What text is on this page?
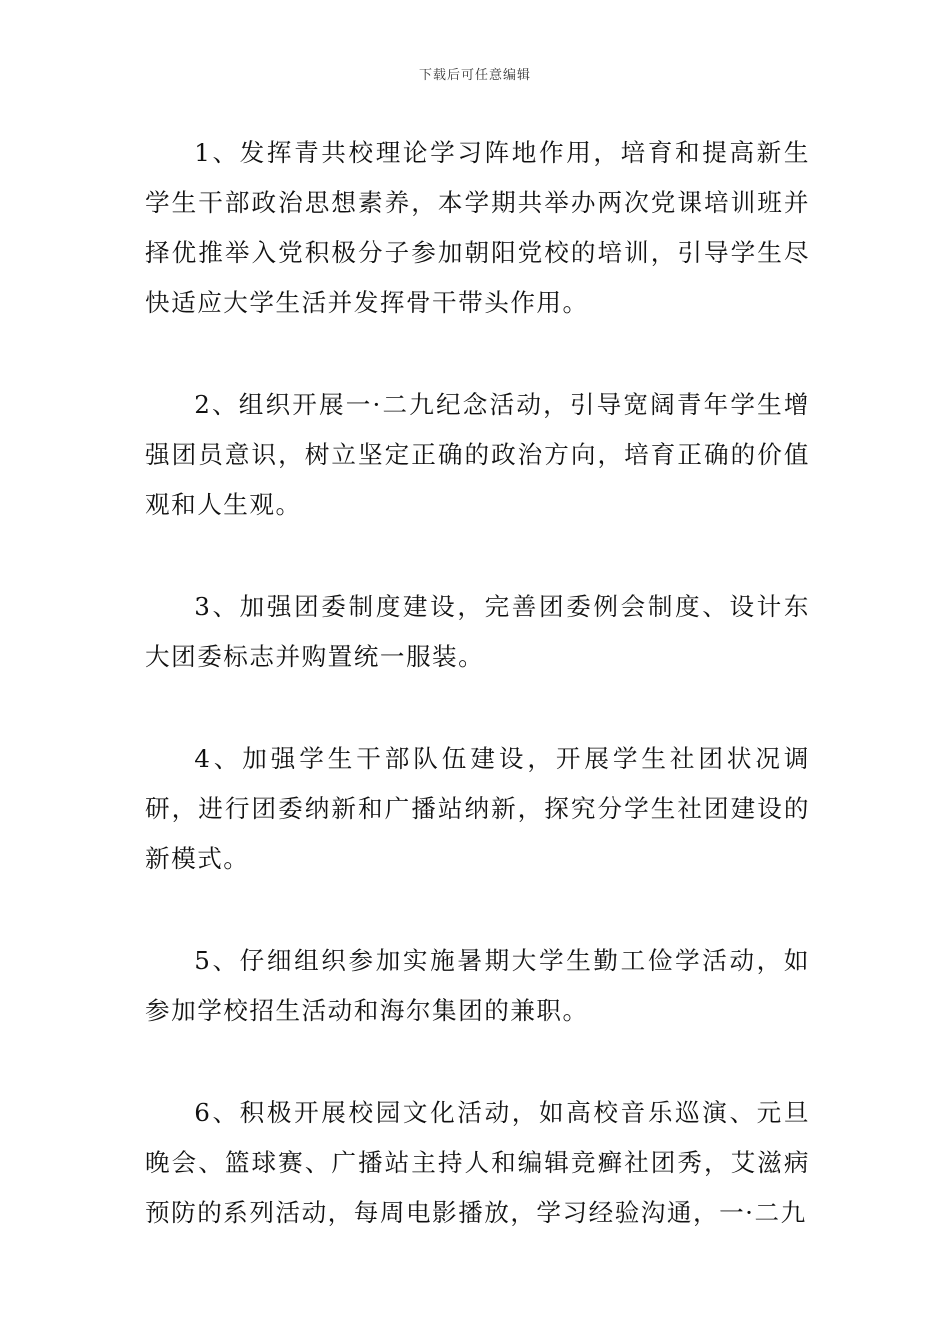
下载后可任意编辑

1、发挥青共校理论学习阵地作用，培育和提高新生学生干部政治思想素养，本学期共举办两次党课培训班并择优推举入党积极分子参加朝阳党校的培训，引导学生尽快适应大学生活并发挥骨干带头作用。

2、组织开展一·二九纪念活动，引导宽阔青年学生增强团员意识，树立坚定正确的政治方向，培育正确的价值观和人生观。

3、加强团委制度建设，完善团委例会制度、设计东大团委标志并购置统一服装。

4、加强学生干部队伍建设，开展学生社团状况调研，进行团委纳新和广播站纳新，探究分学生社团建设的新模式。

5、仔细组织参加实施暑期大学生勤工俭学活动，如参加学校招生活动和海尔集团的兼职。

6、积极开展校园文化活动，如高校音乐巡演、元旦晚会、篮球赛、广播站主持人和编辑竞癣社团秀，艾滋病预防的系列活动，每周电影播放，学习经验沟通，一·二九
